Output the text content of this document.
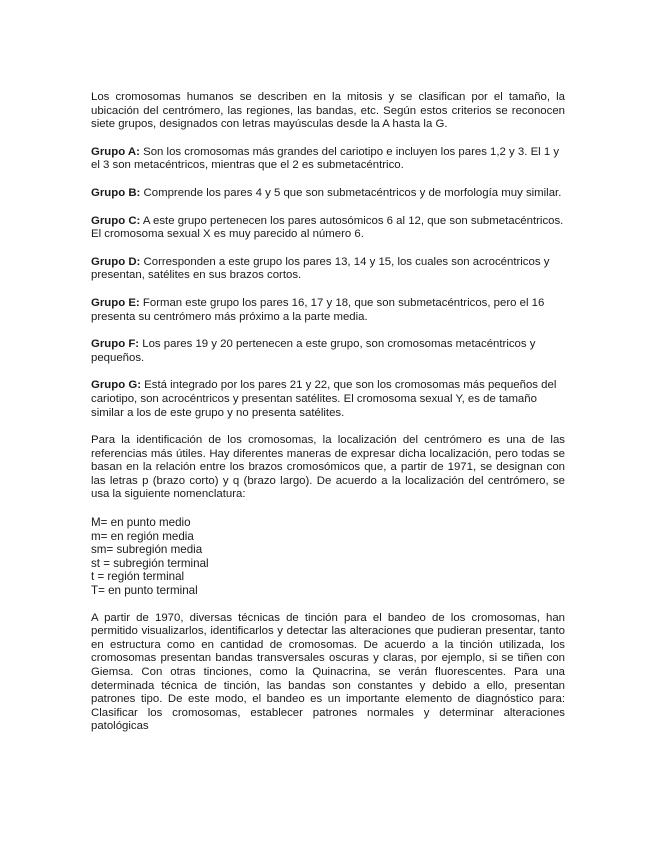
Los cromosomas humanos se describen en la mitosis y se clasifican por el tamaño, la ubicación del centrómero, las regiones, las bandas, etc. Según estos criterios se reconocen siete grupos, designados con letras mayúsculas desde la A hasta la G.

Grupo A: Son los cromosomas más grandes del cariotipo e incluyen los pares 1,2 y 3. El 1 y el 3 son metacéntricos, mientras que el 2 es submetacéntrico.

Grupo B: Comprende los pares 4 y 5 que son submetacéntricos y de morfología muy similar.

Grupo C: A este grupo pertenecen los pares autosómicos 6 al 12, que son submetacéntricos. El cromosoma sexual X es muy parecido al número 6.

Grupo D: Corresponden a este grupo los pares 13, 14 y 15, los cuales son acrocéntricos y presentan, satélites en sus brazos cortos.

Grupo E: Forman este grupo los pares 16, 17 y 18, que son submetacéntricos, pero el 16 presenta su centrómero más próximo a la parte media.

Grupo F: Los pares 19 y 20 pertenecen a este grupo, son cromosomas metacéntricos y pequeños.

Grupo G: Está integrado por los pares 21 y 22, que son los cromosomas más pequeños del cariotipo, son acrocéntricos y presentan satélites. El cromosoma sexual Y, es de tamaño similar a los de este grupo y no presenta satélites.

Para la identificación de los cromosomas, la localización del centrómero es una de las referencias más útiles. Hay diferentes maneras de expresar dicha localización, pero todas se basan en la relación entre los brazos cromosómicos que, a partir de 1971, se designan con las letras p (brazo corto) y q (brazo largo). De acuerdo a la localización del centrómero, se usa la siguiente nomenclatura:

M= en punto medio
m= en región media
sm= subregión media
st = subregión terminal
t = región terminal
T= en punto terminal

A partir de 1970, diversas técnicas de tinción para el bandeo de los cromosomas, han permitido visualizarlos, identificarlos y detectar las alteraciones que pudieran presentar, tanto en estructura como en cantidad de cromosomas. De acuerdo a la tinción utilizada, los cromosomas presentan bandas transversales oscuras y claras, por ejemplo, si se tiñen con Giemsa. Con otras tinciones, como la Quinacrina, se verán fluorescentes. Para una determinada técnica de tinción, las bandas son constantes y debido a ello, presentan patrones tipo. De este modo, el bandeo es un importante elemento de diagnóstico para: Clasificar los cromosomas, establecer patrones normales y determinar alteraciones patológicas
